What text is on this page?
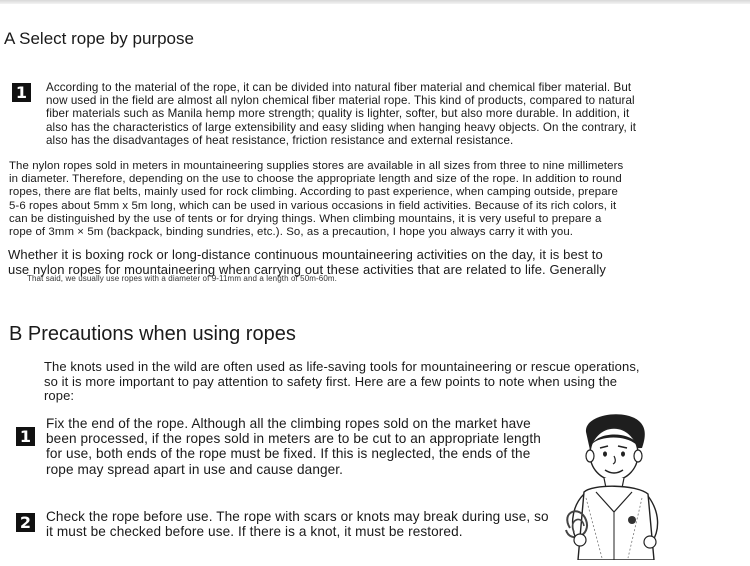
A Select rope by purpose
1	According to the material of the rope, it can be divided into natural fiber material and chemical fiber material. But
now used in the field are almost all nylon chemical fiber material rope. This kind of products, compared to natural
fiber materials such as Manila hemp more strength; quality is lighter, softer, but also more durable. In addition, it
also has the characteristics of large extensibility and easy sliding when hanging heavy objects. On the contrary, it
also has the disadvantages of heat resistance, friction resistance and external resistance.

The nylon ropes sold in meters in mountaineering supplies stores are available in all sizes from three to nine millimeters
in diameter. Therefore, depending on the use to choose the appropriate length and size of the rope. In addition to round
ropes, there are flat belts, mainly used for rock climbing. According to past experience, when camping outside, prepare
5-6 ropes about 5mm x 5m long, which can be used in various occasions in field activities. Because of its rich colors, it
can be distinguished by the use of tents or for drying things. When climbing mountains, it is very useful to prepare a
rope of 3mm × 5m (backpack, binding sundries, etc.). So, as a precaution, I hope you always carry it with you.

Whether it is boxing rock or long-distance continuous mountaineering activities on the day, it is best to
use nylon ropes for mountaineering when carrying out these activities that are related to life. Generally

That said, we usually use ropes with a diameter of 9-11mm and a length of 50m-60m.

B Precautions when using ropes

The knots used in the wild are often used as life-saving tools for mountaineering or rescue operations,
so it is more important to pay attention to safety first. Here are a few points to note when using the
rope:

1

Fix the end of the rope. Although all the climbing ropes sold on the market have
been processed, if the ropes sold in meters are to be cut to an appropriate length
for use, both ends of the rope must be fixed. If this is neglected, the ends of the
rope may spread apart in use and cause danger.

2 Check the rope before use. The rope with scars or knots may break during use, so
it must be checked before use. If there is a knot, it must be restored.
